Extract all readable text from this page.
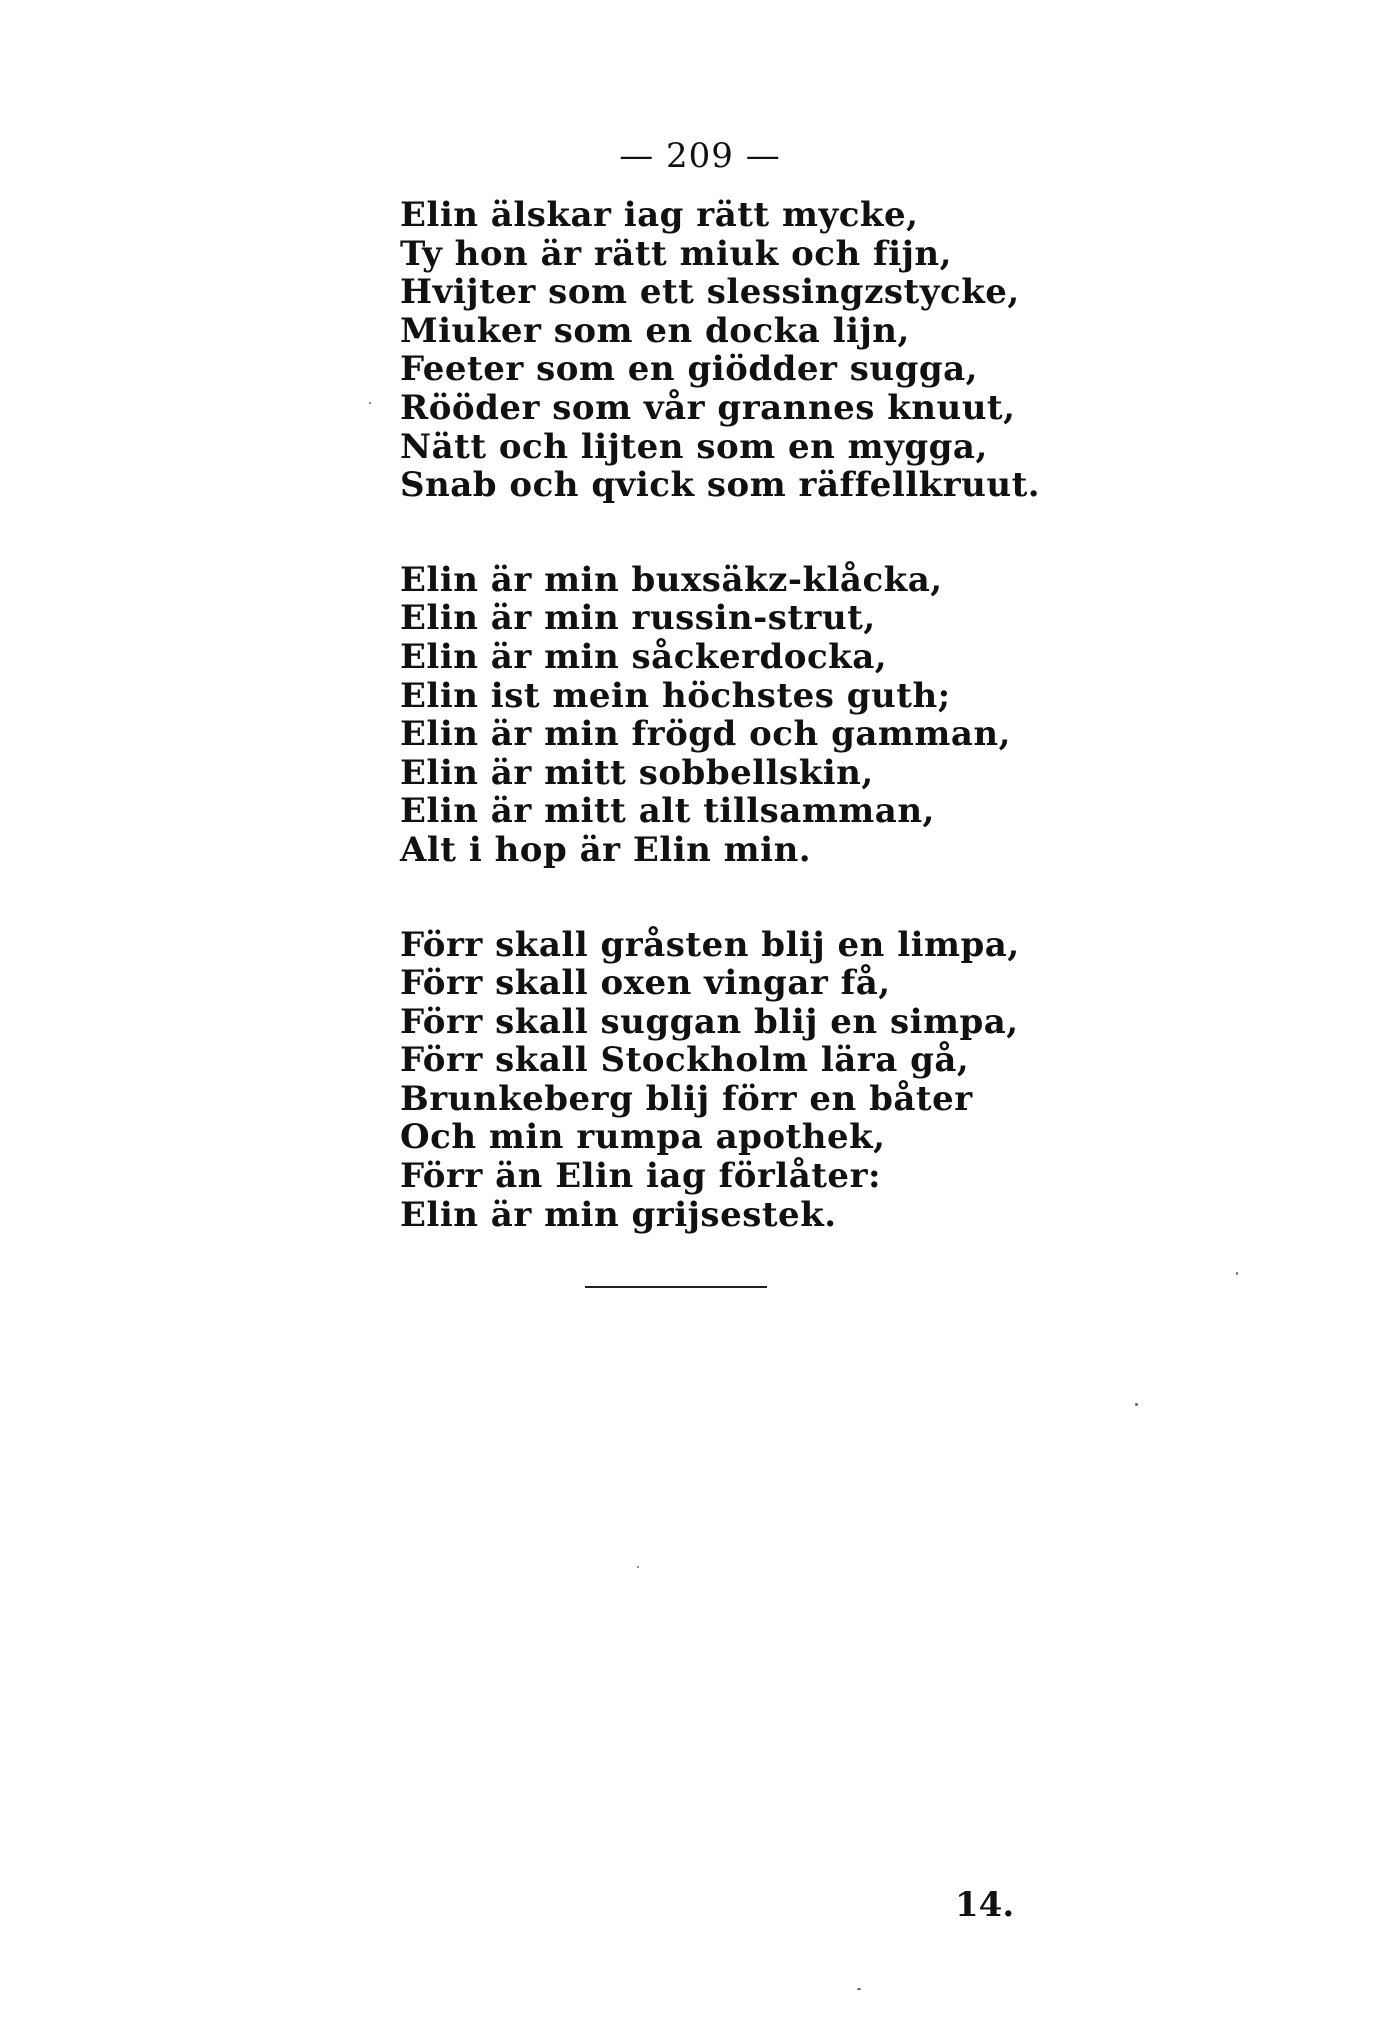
— 209 —
Elin älskar iag rätt mycke,
Ty hon är rätt miuk och fijn,
Hvijter som ett slessingzstycke,
Miuker som en docka lijn,
Feeter som en giödder sugga,
Rööder som vår grannes knuut,
Nätt och lijten som en mygga,
Snab och qvick som räffellkruut.
Elin är min buxsäkz-klåcka,
Elin är min russin-strut,
Elin är min såckerdocka,
Elin ist mein höchstes guth;
Elin är min frögd och gamman,
Elin är mitt sobbellskin,
Elin är mitt alt tillsamman,
Alt i hop är Elin min.
Förr skall gråsten blij en limpa,
Förr skall oxen vingar få,
Förr skall suggan blij en simpa,
Förr skall Stockholm lära gå,
Brunkeberg blij förr en båter
Och min rumpa apothek,
Förr än Elin iag förlåter:
Elin är min grijsestek.
14.
